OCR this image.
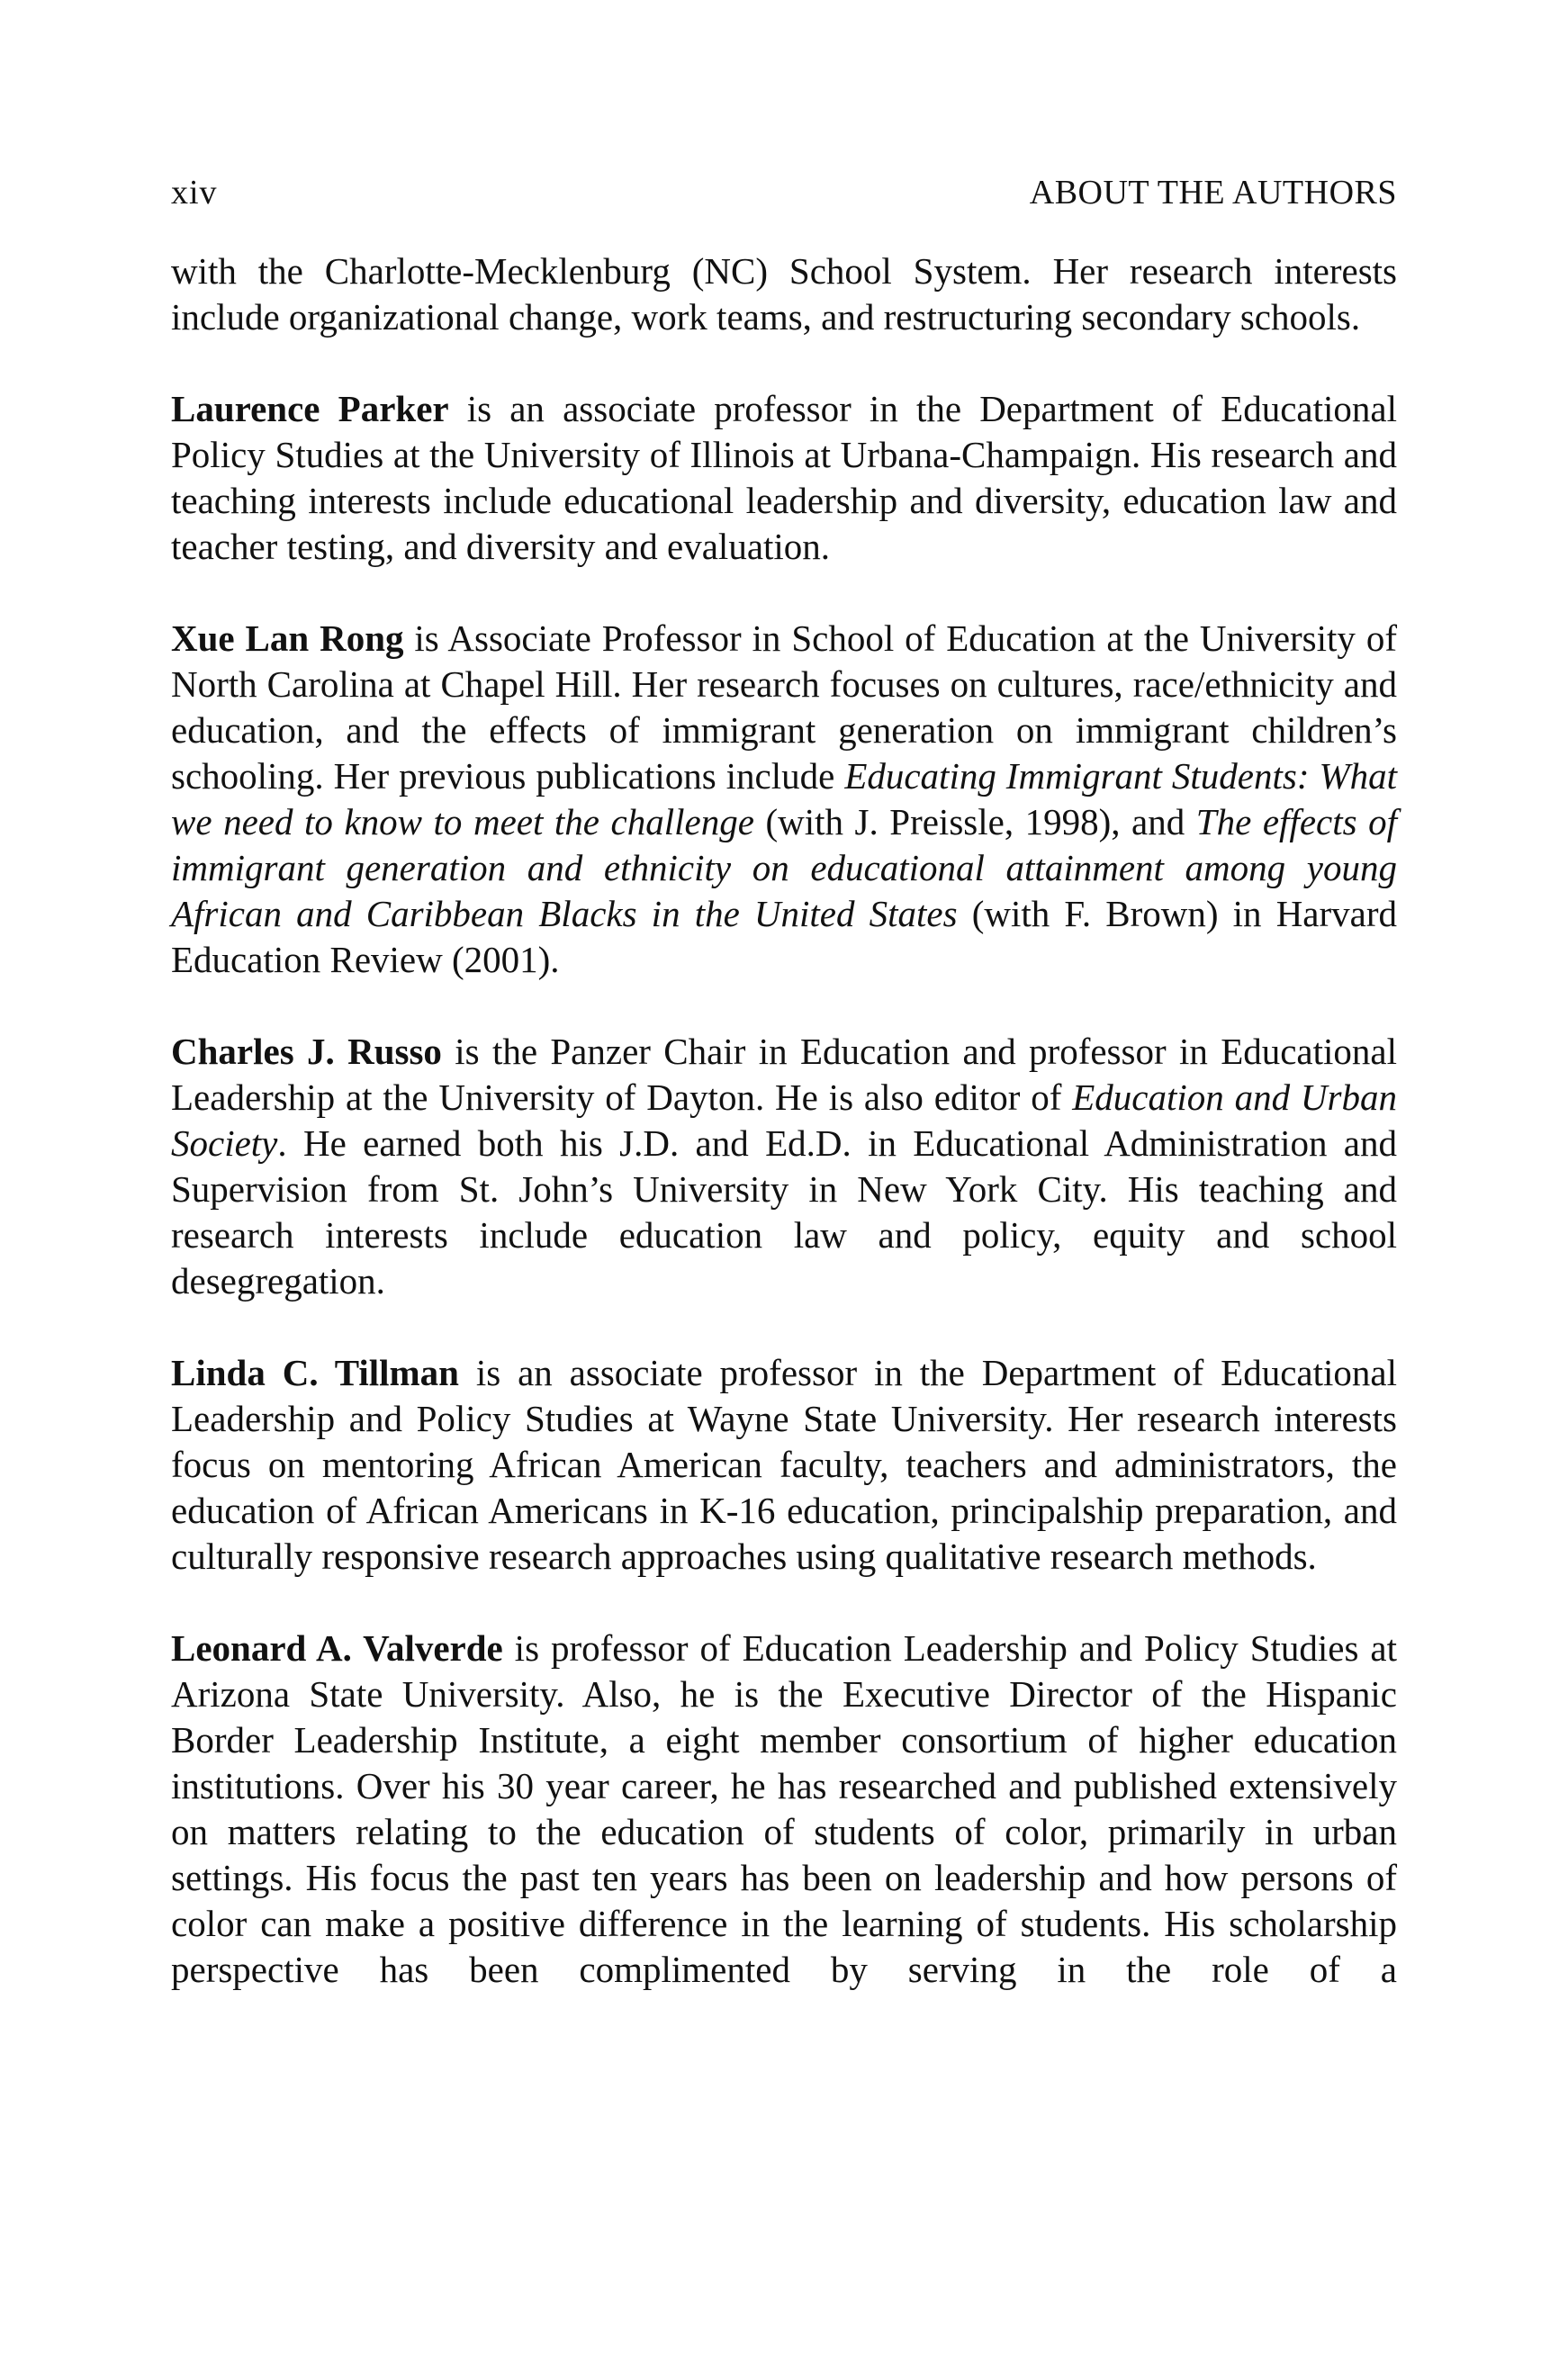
xiv	ABOUT THE AUTHORS

with the Charlotte-Mecklenburg (NC) School System. Her research interests include organizational change, work teams, and restructuring secondary schools.

Laurence Parker is an associate professor in the Department of Educational Policy Studies at the University of Illinois at Urbana-Champaign. His research and teaching interests include educational leadership and diversity, education law and teacher testing, and diversity and evaluation.

Xue Lan Rong is Associate Professor in School of Education at the University of North Carolina at Chapel Hill. Her research focuses on cultures, race/ethnicity and education, and the effects of immigrant generation on immigrant children’s schooling. Her previous publications include Educating Immigrant Students: What we need to know to meet the challenge (with J. Preissle, 1998), and The effects of immigrant generation and ethnicity on educational attainment among young African and Caribbean Blacks in the United States (with F. Brown) in Harvard Education Review (2001).

Charles J. Russo is the Panzer Chair in Education and professor in Educational Leadership at the University of Dayton. He is also editor of Education and Urban Society. He earned both his J.D. and Ed.D. in Educational Administration and Supervision from St. John’s University in New York City. His teaching and research interests include education law and policy, equity and school desegregation.

Linda C. Tillman is an associate professor in the Department of Educational Leadership and Policy Studies at Wayne State University. Her research interests focus on mentoring African American faculty, teachers and administrators, the education of African Americans in K-16 education, principalship preparation, and culturally responsive research approaches using qualitative research methods.

Leonard A. Valverde is professor of Education Leadership and Policy Studies at Arizona State University. Also, he is the Executive Director of the Hispanic Border Leadership Institute, a eight member consortium of higher education institutions. Over his 30 year career, he has researched and published extensively on matters relating to the education of students of color, primarily in urban settings. His focus the past ten years has been on leadership and how persons of color can make a positive difference in the learning of students. His scholarship perspective has been complimented by serving in the role of a
